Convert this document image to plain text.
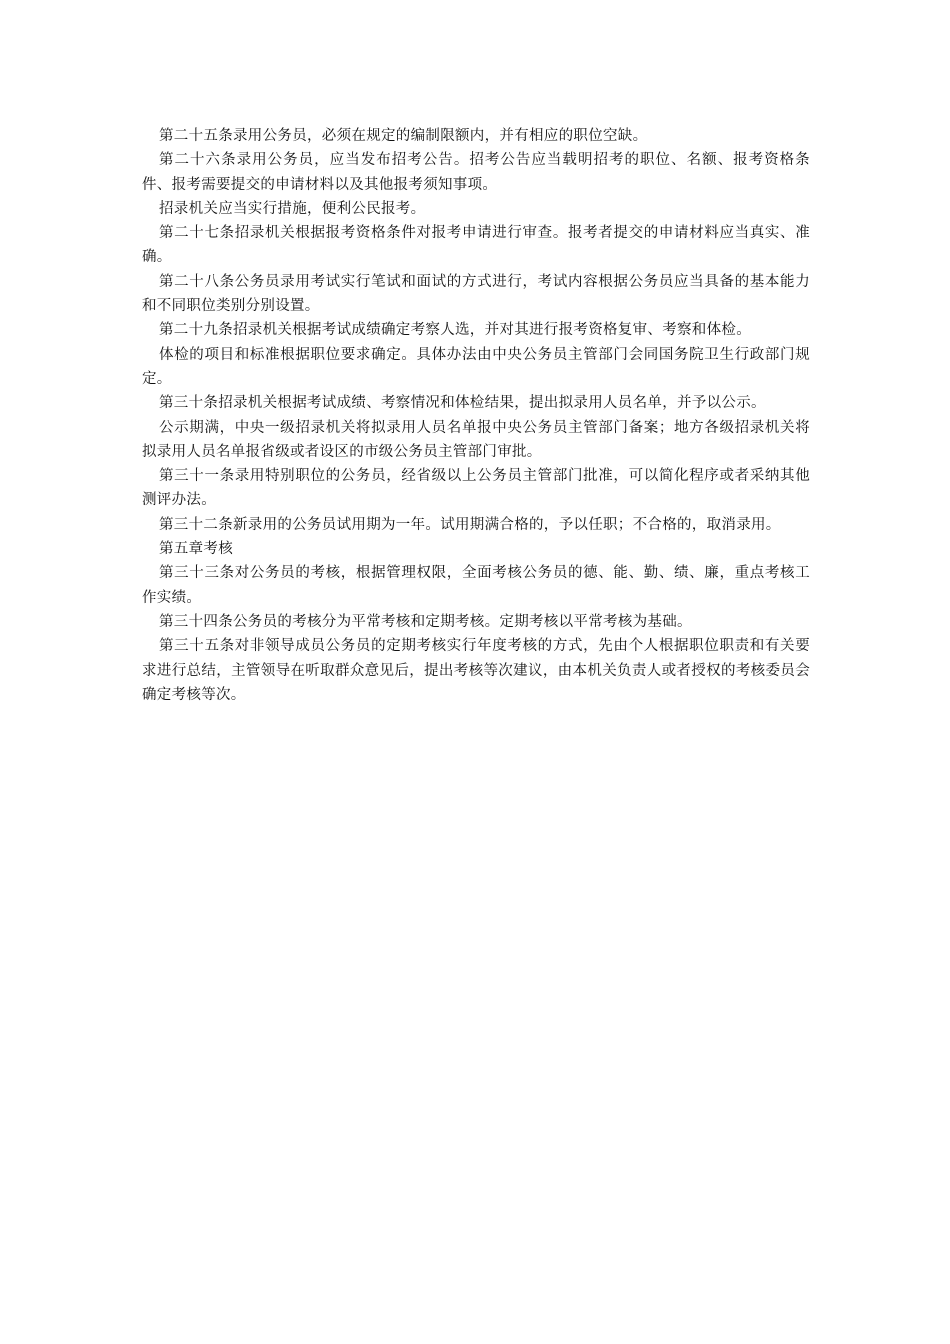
第二十五条录用公务员，必须在规定的编制限额内，并有相应的职位空缺。

第二十六条录用公务员，应当发布招考公告。招考公告应当载明招考的职位、名额、报考资格条件、报考需要提交的申请材料以及其他报考须知事项。

招录机关应当实行措施，便利公民报考。

第二十七条招录机关根据报考资格条件对报考申请进行审查。报考者提交的申请材料应当真实、准确。

第二十八条公务员录用考试实行笔试和面试的方式进行，考试内容根据公务员应当具备的基本能力和不同职位类别分别设置。

第二十九条招录机关根据考试成绩确定考察人选，并对其进行报考资格复审、考察和体检。

体检的项目和标准根据职位要求确定。具体办法由中央公务员主管部门会同国务院卫生行政部门规定。

第三十条招录机关根据考试成绩、考察情况和体检结果，提出拟录用人员名单，并予以公示。

公示期满，中央一级招录机关将拟录用人员名单报中央公务员主管部门备案；地方各级招录机关将拟录用人员名单报省级或者设区的市级公务员主管部门审批。

第三十一条录用特别职位的公务员，经省级以上公务员主管部门批准，可以简化程序或者采纳其他测评办法。

第三十二条新录用的公务员试用期为一年。试用期满合格的，予以任职；不合格的，取消录用。

第五章考核

第三十三条对公务员的考核，根据管理权限，全面考核公务员的德、能、勤、绩、廉，重点考核工作实绩。

第三十四条公务员的考核分为平常考核和定期考核。定期考核以平常考核为基础。

第三十五条对非领导成员公务员的定期考核实行年度考核的方式，先由个人根据职位职责和有关要求进行总结，主管领导在听取群众意见后，提出考核等次建议，由本机关负责人或者授权的考核委员会确定考核等次。
